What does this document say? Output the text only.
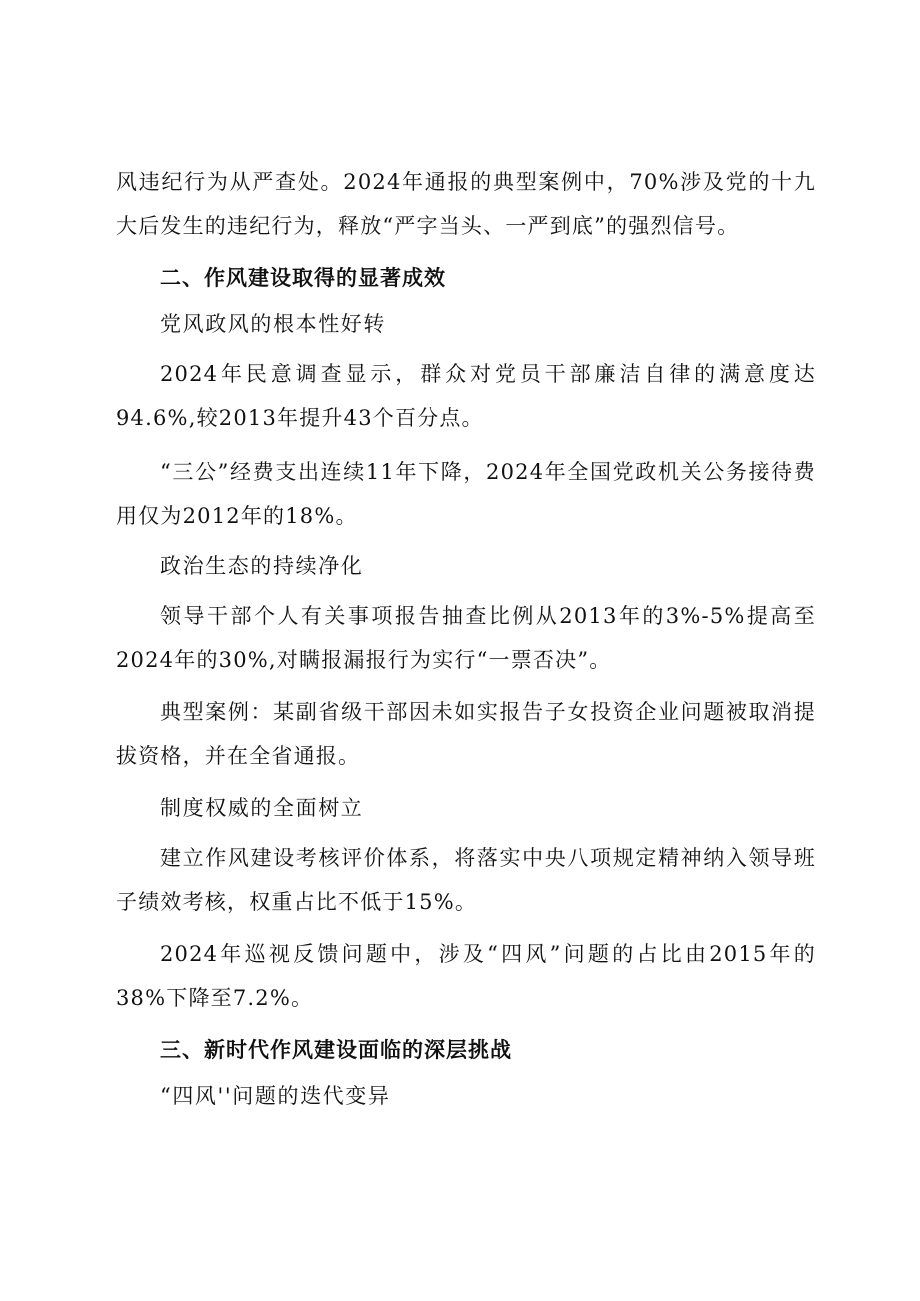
风违纪行为从严查处。2024年通报的典型案例中，70%涉及党的十九大后发生的违纪行为，释放“严字当头、一严到底”的强烈信号。

二、作风建设取得的显著成效

党风政风的根本性好转

2024年民意调查显示，群众对党员干部廉洁自律的满意度达94.6%,较2013年提升43个百分点。

“三公”经费支出连续11年下降，2024年全国党政机关公务接待费用仅为2012年的18%。

政治生态的持续净化

领导干部个人有关事项报告抽查比例从2013年的3%-5%提高至2024年的30%,对瞒报漏报行为实行“一票否决”。

典型案例：某副省级干部因未如实报告子女投资企业问题被取消提拔资格，并在全省通报。

制度权威的全面树立

建立作风建设考核评价体系，将落实中央八项规定精神纳入领导班子绩效考核，权重占比不低于15%。

2024年巡视反馈问题中，涉及“四风”问题的占比由2015年的38%下降至7.2%。

三、新时代作风建设面临的深层挑战

“四风''问题的迭代变异
